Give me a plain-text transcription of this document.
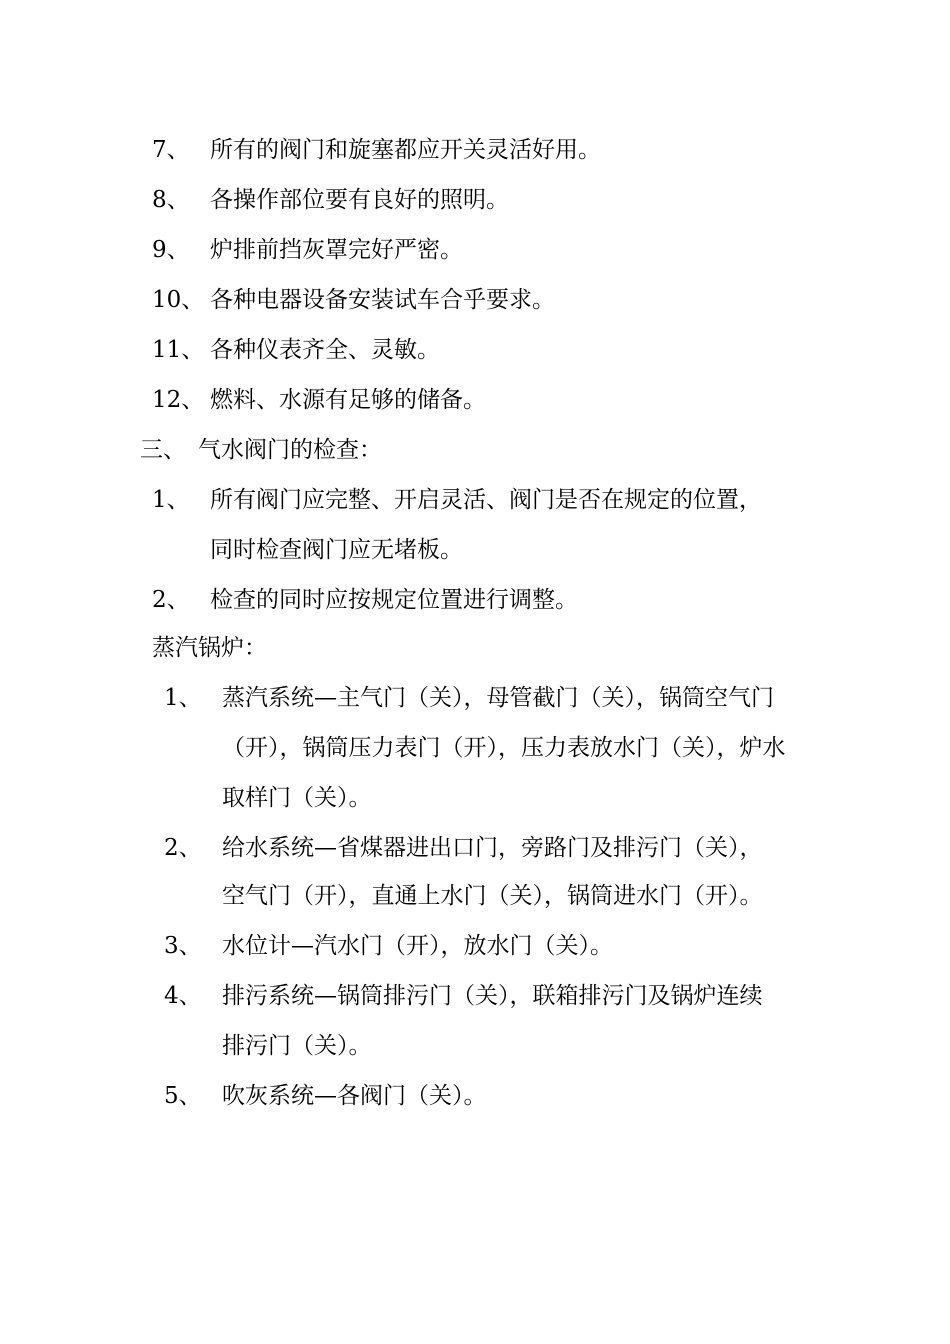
7、 所有的阀门和旋塞都应开关灵活好用。
8、 各操作部位要有良好的照明。
9、 炉排前挡灰罩完好严密。
10、 各种电器设备安装试车合乎要求。
11、 各种仪表齐全、灵敏。
12、 燃料、水源有足够的储备。
三、 气水阀门的检查：
1、 所有阀门应完整、开启灵活、阀门是否在规定的位置，
同时检查阀门应无堵板。
2、 检查的同时应按规定位置进行调整。
蒸汽锅炉：
1、 蒸汽系统—主气门（关），母管截门（关），锅筒空气门
（开），锅筒压力表门（开），压力表放水门（关），炉水
取样门（关）。
2、 给水系统—省煤器进出口门，旁路门及排污门（关），
空气门（开），直通上水门（关），锅筒进水门（开）。
3、 水位计—汽水门（开），放水门（关）。
4、 排污系统—锅筒排污门（关），联箱排污门及锅炉连续
排污门（关）。
5、 吹灰系统—各阀门（关）。
